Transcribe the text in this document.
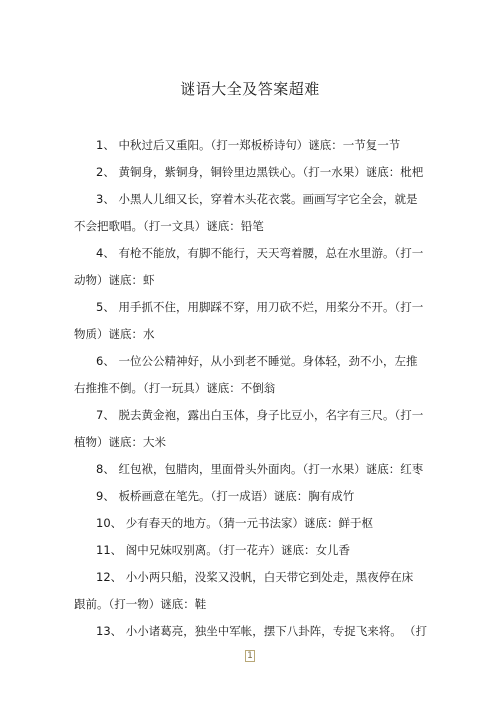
谜语大全及答案超难
1、 中秋过后又重阳。（打一郑板桥诗句）谜底：一节复一节
2、 黄铜身，紫铜身，铜铃里边黑铁心。（打一水果）谜底：枇杷
3、 小黑人儿细又长，穿着木头花衣裳。画画写字它全会，就是
不会把歌唱。（打一文具）谜底：铅笔
4、 有枪不能放，有脚不能行，天天弯着腰，总在水里游。（打一
动物）谜底：虾
5、 用手抓不住，用脚踩不穿，用刀砍不烂，用桨分不开。（打一
物质）谜底：水
6、 一位公公精神好，从小到老不睡觉。身体轻，劲不小，左推
右推推不倒。（打一玩具）谜底：不倒翁
7、 脱去黄金袍，露出白玉体，身子比豆小，名字有三尺。（打一
植物）谜底：大米
8、 红包袱，包腊肉，里面骨头外面肉。（打一水果）谜底：红枣
9、 板桥画意在笔先。（打一成语）谜底：胸有成竹
10、 少有春天的地方。（猜一元书法家）谜底：鲜于枢
11、 阁中兄妹叹别离。（打一花卉）谜底：女儿香
12、 小小两只船，没桨又没帆，白天带它到处走，黑夜停在床
跟前。（打一物）谜底：鞋
13、 小小诸葛亮，独坐中军帐，摆下八卦阵，专捉飞来将。 （打
1
